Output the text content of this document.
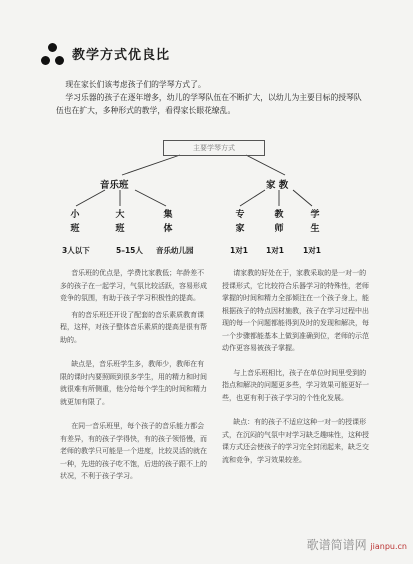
教学方式优良比

现在家长们该考虑孩子们的学琴方式了。

学习乐器的孩子在逐年增多，幼儿的学琴队伍在不断扩大，以幼儿为主要目标的授琴队伍也在扩大，多种形式的教学，看得家长眼花缭乱。

主要学琴方式
音乐班	家 教
小
班
大
班
集
体
专
家
教
师
学
生
3人以下	5–15人 音乐幼儿园	1对1 1对1	1对1

音乐班的优点是，学费比家教低；年龄差不多的孩子在一起学习，气氛比较活跃，容易形成竞争的氛围，有助于孩子学习积极性的提高。

有的音乐班还开设了配套的音乐素质教育课程，这样，对孩子整体音乐素质的提高是很有帮助的。

缺点是，音乐班学生多，教师少，教师在有限的课时内要照顾到很多学生，用的精力和时间就很难有所侧重，他分给每个学生的时间和精力就更加有限了。

在同一音乐班里，每个孩子的音乐能力都会有差异，有的孩子学得快，有的孩子领悟慢，而老师的教学只可能是一个进度，比较灵活的就在一种，先进的孩子吃不饱，后进的孩子跟不上的状况，不利于孩子学习。

请家教的好处在于，家教采取的是一对一的授课形式，它比较符合乐器学习的特殊性，老师掌握的时间和精力全部倾注在一个孩子身上，能根据孩子的特点因材施教，孩子在学习过程中出现的每一个问题都能得到及时的发现和解决，每一个步骤都能基本上做到准确到位，老师的示范动作更容易被孩子掌握。

与上音乐班相比，孩子在单位时间里受到的指点和解决的问题更多些，学习效果可能更好一些，也更有利于孩子学习的个性化发展。

缺点：有的孩子不适应这种一对一的授课形式，在沉闷的气氛中对学习缺乏趣味性，这种授课方式还会使孩子的学习完全封闭起来，缺乏交流和竞争，学习效果较差。

歌谱简谱网 jianpu.cn
